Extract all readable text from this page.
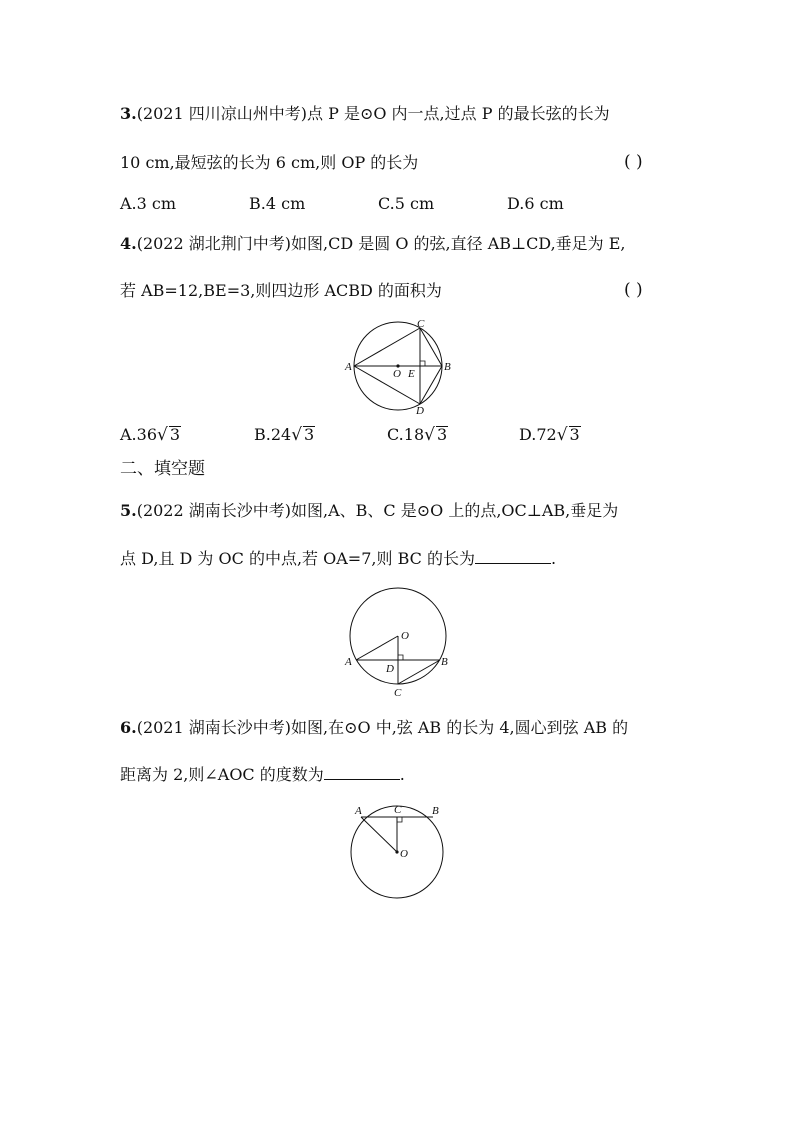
3.(2021 四川凉山州中考)点 P 是⊙O 内一点,过点 P 的最长弦的长为
10 cm,最短弦的长为 6 cm,则 OP 的长为	( )
A.3 cm	B.4 cm	C.5 cm	D.6 cm
4.(2022 湖北荆门中考)如图,CD 是圆 O 的弦,直径 AB⊥CD,垂足为 E,
若 AB=12,BE=3,则四边形 ACBD 的面积为	( )
A	B
C
D
O E
A.36√ 3	B.24√ 3	C.18√ 3	D.72√ 3
二、填空题
5.(2022 湖南长沙中考)如图,A、B、C 是⊙O 上的点,OC⊥AB,垂足为
点 D,且 D 为 OC 的中点,若 OA=7,则 BC 的长为	.
A	B
C
D
O
6.(2021 湖南长沙中考)如图,在⊙O 中,弦 AB 的长为 4,圆心到弦 AB 的
距离为 2,则∠AOC 的度数为	.
A	B
C
O
